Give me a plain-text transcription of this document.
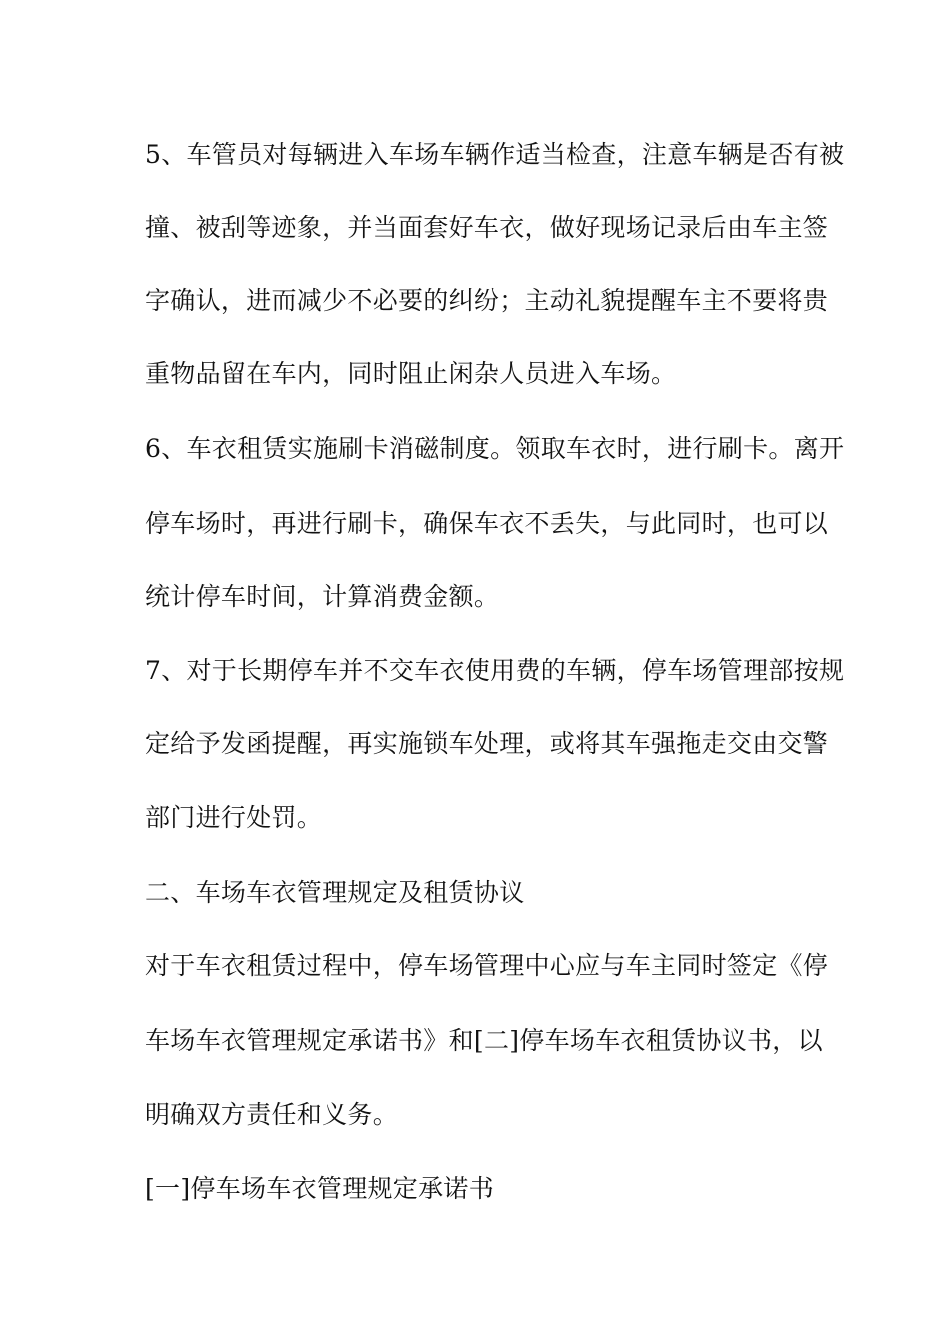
5、车管员对每辆进入车场车辆作适当检查，注意车辆是否有被

撞、被刮等迹象，并当面套好车衣，做好现场记录后由车主签

字确认，进而减少不必要的纠纷；主动礼貌提醒车主不要将贵

重物品留在车内，同时阻止闲杂人员进入车场。

6、车衣租赁实施刷卡消磁制度。领取车衣时，进行刷卡。离开

停车场时，再进行刷卡，确保车衣不丢失，与此同时，也可以

统计停车时间，计算消费金额。

7、对于长期停车并不交车衣使用费的车辆，停车场管理部按规

定给予发函提醒，再实施锁车处理，或将其车强拖走交由交警

部门进行处罚。

二、车场车衣管理规定及租赁协议

对于车衣租赁过程中，停车场管理中心应与车主同时签定《停

车场车衣管理规定承诺书》和[二]停车场车衣租赁协议书，以

明确双方责任和义务。

[一]停车场车衣管理规定承诺书
